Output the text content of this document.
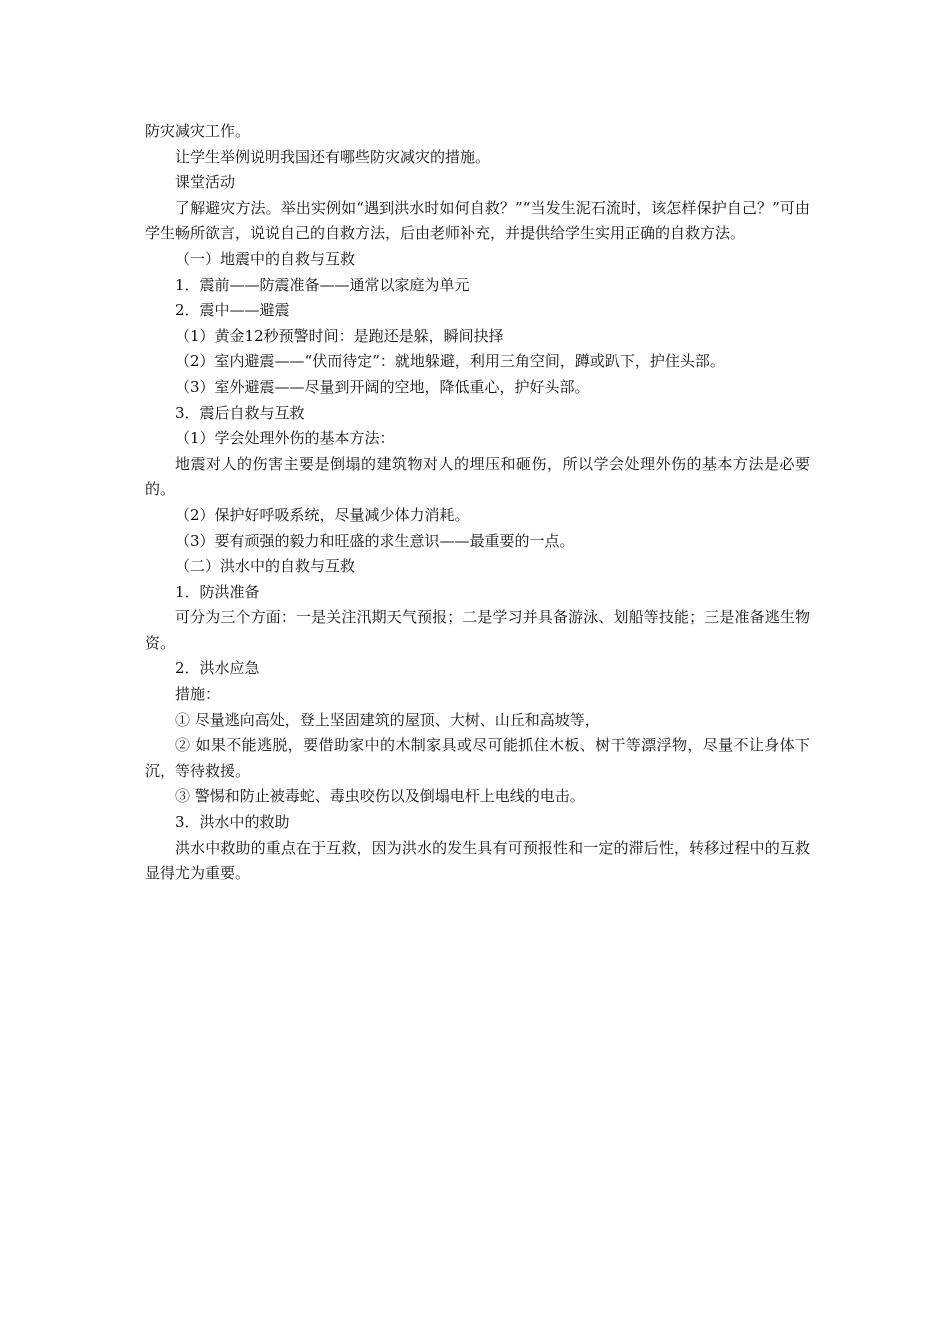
防灾减灾工作。

让学生举例说明我国还有哪些防灾减灾的措施。

课堂活动

了解避灾方法。举出实例如“遇到洪水时如何自救？”“当发生泥石流时，该怎样保护自己？”可由学生畅所欲言，说说自己的自救方法，后由老师补充，并提供给学生实用正确的自救方法。

（一）地震中的自救与互救

1．震前——防震准备——通常以家庭为单元

2．震中——避震

（1）黄金12秒预警时间：是跑还是躲，瞬间抉择

（2）室内避震——“伏而待定”：就地躲避，利用三角空间，蹲或趴下，护住头部。

（3）室外避震——尽量到开阔的空地，降低重心，护好头部。

3．震后自救与互救

（1）学会处理外伤的基本方法：

地震对人的伤害主要是倒塌的建筑物对人的埋压和砸伤，所以学会处理外伤的基本方法是必要的。

（2）保护好呼吸系统，尽量减少体力消耗。

（3）要有顽强的毅力和旺盛的求生意识——最重要的一点。

（二）洪水中的自救与互救

1．防洪准备

可分为三个方面：一是关注汛期天气预报；二是学习并具备游泳、划船等技能；三是准备逃生物资。

2．洪水应急

措施：

① 尽量逃向高处，登上坚固建筑的屋顶、大树、山丘和高坡等，

② 如果不能逃脱，要借助家中的木制家具或尽可能抓住木板、树干等漂浮物，尽量不让身体下沉，等待救援。

③ 警惕和防止被毒蛇、毒虫咬伤以及倒塌电杆上电线的电击。

3．洪水中的救助

洪水中救助的重点在于互救，因为洪水的发生具有可预报性和一定的滞后性，转移过程中的互救显得尤为重要。
